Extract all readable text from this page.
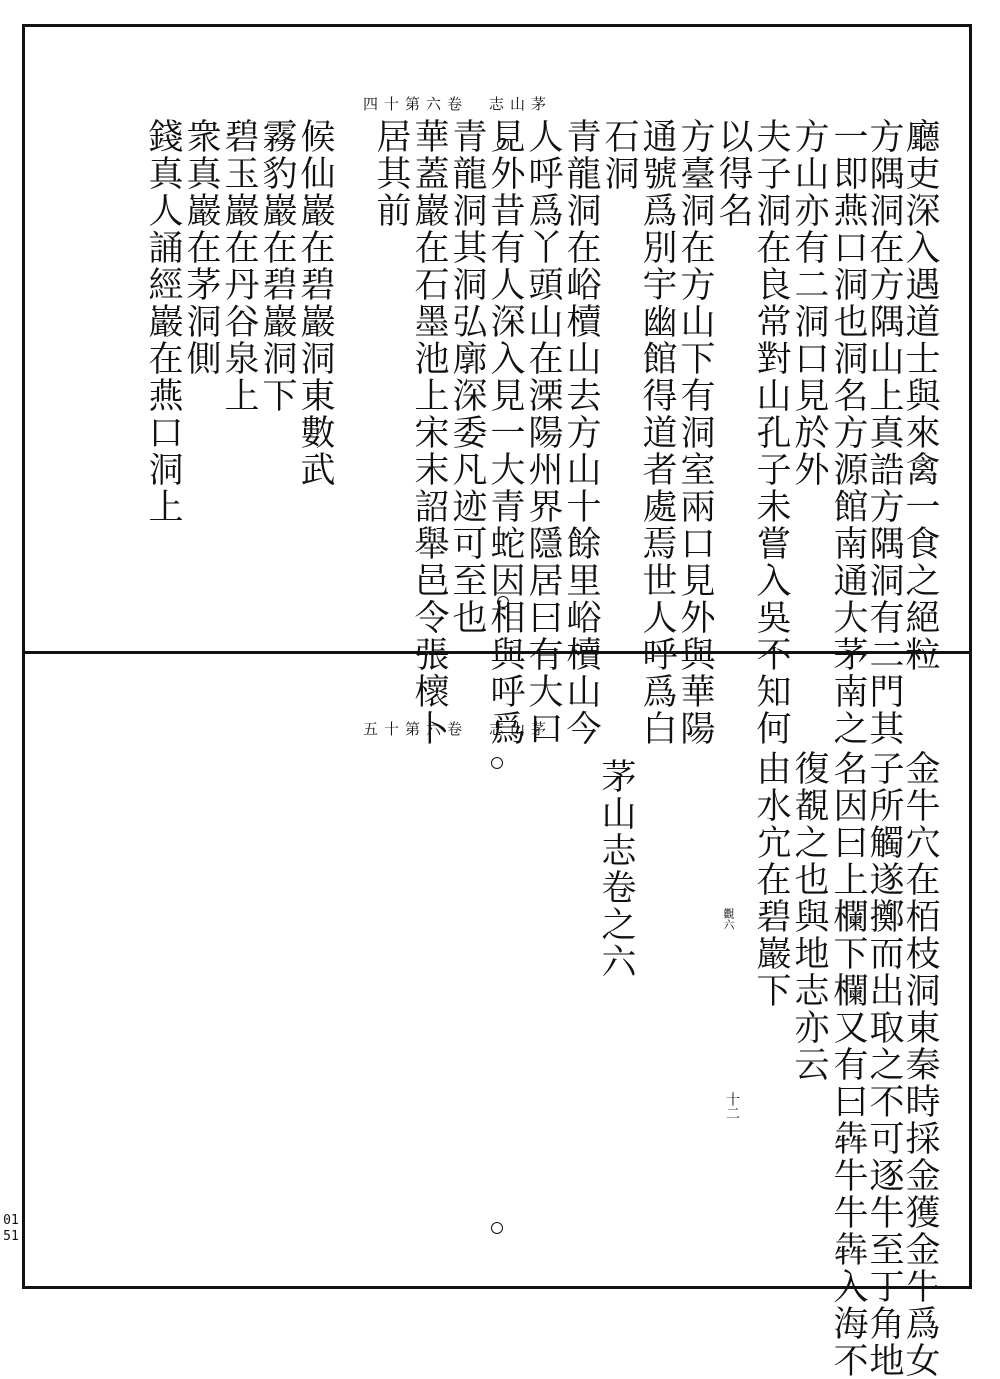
四十第六卷　志山茅
廳吏深入遇道士與來禽一食之絕粒
方隅洞在方隅山上真誥方隅洞有二門其
一即燕口洞也洞名方源館南通大茅南之
方山亦有二洞口見於外
夫子洞在良常對山孔子未嘗入吳不知何
以得名
方臺洞在方山下有洞室兩口見外與華陽
通號爲別宇幽館得道者處焉世人呼爲白
石洞
青龍洞在峪櫝山去方山十餘里峪櫝山今
人呼爲丫頭山在溧陽州界隱居曰有大口
見外昔有人深入見一大青蛇因相與呼爲
青龍洞其洞弘廓深委凡迹可至也
華蓋巖在石墨池上宋末詔舉邑令張櫰卜
居其前
候仙巖在碧巖洞東數武
霧豹巖在碧巖洞下
碧玉巖在丹谷泉上
衆真巖在茅洞側
錢真人誦經巖在燕口洞上
五十第六卷　志山茅
金牛穴在栢枝洞東秦時採金獲金牛爲女
子所觸遂擲而出取之不可逐牛至丁角地
名因曰上欄下欄又有曰犇牛牛犇入海不
復覩之也與地志亦云
由水宂在碧巖下
觀六
十二
茅山志卷之六
0151
